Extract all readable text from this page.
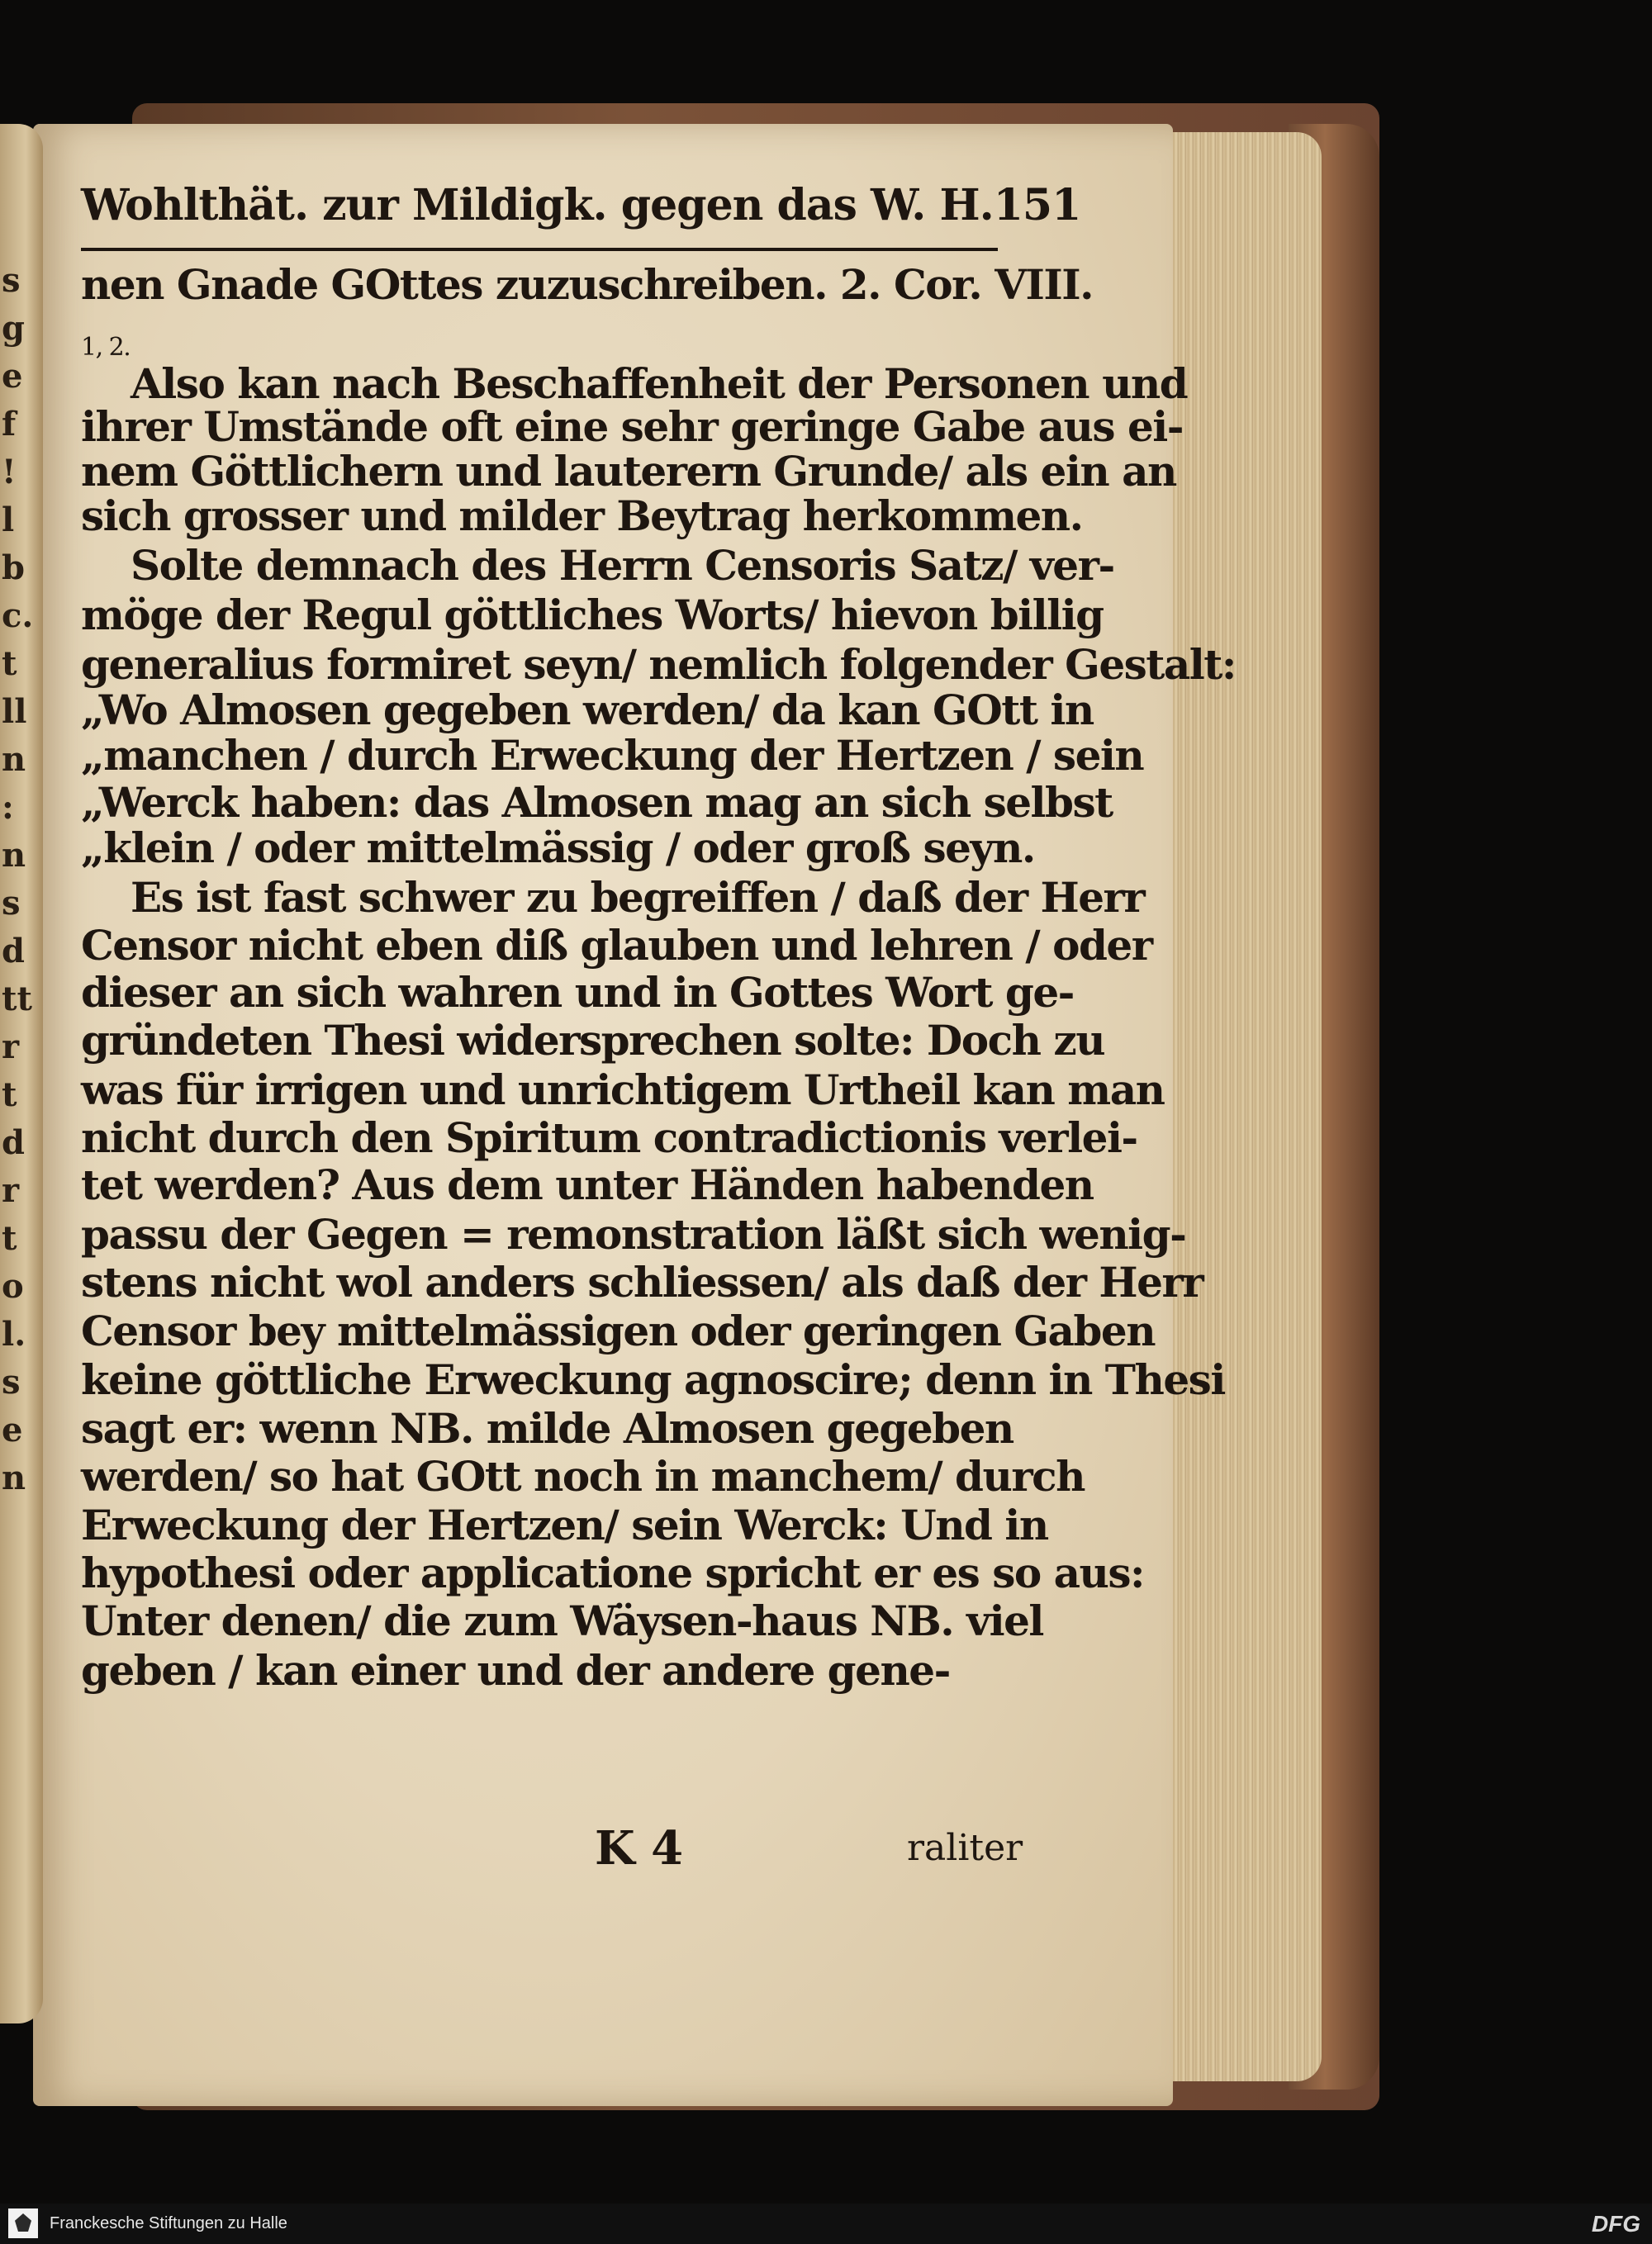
s
g
e
f
!
l
b
c.
t
ll
n
:
n
s
d
tt
r
t
d
r
t
o
l.
s
e
n
Wohlthät. zur Mildigk. gegen das W. H. 151
nen Gnade GOttes zuzuschreiben. 2. Cor. VIII.
1, 2.
Also kan nach Beschaffenheit der Personen und
ihrer Umstände oft eine sehr geringe Gabe aus ei-
nem Göttlichern und lauterern Grunde/ als ein an
sich grosser und milder Beytrag herkommen.
Solte demnach des Herrn Censoris Satz/ ver-
möge der Regul göttliches Worts/ hievon billig
generalius formiret seyn/ nemlich folgender Gestalt:
„Wo Almosen gegeben werden/ da kan GOtt in
„manchen / durch Erweckung der Hertzen / sein
„Werck haben: das Almosen mag an sich selbst
„klein / oder mittelmässig / oder groß seyn.
Es ist fast schwer zu begreiffen / daß der Herr
Censor nicht eben diß glauben und lehren / oder
dieser an sich wahren und in Gottes Wort ge-
gründeten Thesi widersprechen solte: Doch zu
was für irrigen und unrichtigem Urtheil kan man
nicht durch den Spiritum contradictionis verlei-
tet werden? Aus dem unter Händen habenden
passu der Gegen = remonstration läßt sich wenig-
stens nicht wol anders schliessen/ als daß der Herr
Censor bey mittelmässigen oder geringen Gaben
keine göttliche Erweckung agnoscire; denn in Thesi
sagt er: wenn NB. milde Almosen gegeben
werden/ so hat GOtt noch in manchem/ durch
Erweckung der Hertzen/ sein Werck: Und in
hypothesi oder applicatione spricht er es so aus:
Unter denen/ die zum Wäysen-haus NB. viel
geben / kan einer und der andere gene-
K 4	raliter
Franckesche Stiftungen zu Halle	DFG
